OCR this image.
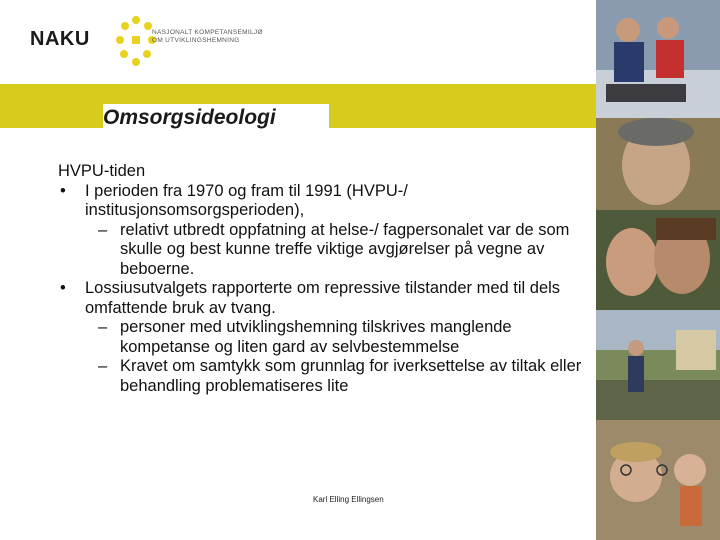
NAKU	NASJONALT KOMPETANSEMILJØ
OM UTVIKLINGSHEMNING
Omsorgsideologi
HVPU-tiden
• I perioden fra 1970 og fram til 1991 (HVPU-/ institusjonsomsorgsperioden),
– relativt utbredt oppfatning at helse-/ fagpersonalet var de som skulle og best kunne treffe viktige avgjørelser på vegne av beboerne.
• Lossiusutvalgets rapporterte om repressive tilstander med til dels omfattende bruk av tvang.
– personer med utviklingshemning tilskrives manglende kompetanse og liten gard av selvbestemmelse
– Kravet om samtykk som grunnlag for iverksettelse av tiltak eller behandling problematiseres lite
Karl Elling Ellingsen
